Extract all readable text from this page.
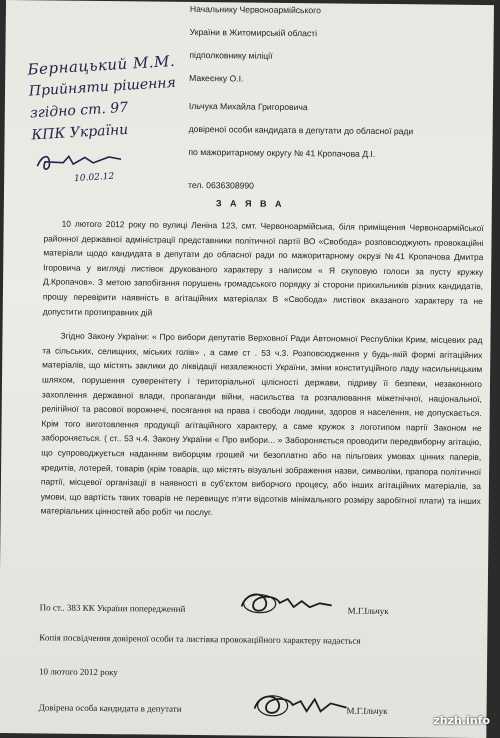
Начальнику Червоноармійського
України в Житомирській області
підполковнику міліції
Макеєнку О.І.
Ільчука Михайла Григоровича
довіреної особи кандидата в депутати до обласної ради
по мажоритарному округу № 41 Кропачова Д.І.
тел. 0636308990
Бернацький М.М.
Прийняти рішення
згідно ст. 97
КПК України
10.02.12
З А Я В А

10 лютого 2012 року по вулиці Леніна 123, смт. Червоноармійська, біля приміщення Червоноармійської районної державної адміністрації представники політичної партії ВО «Свобода» розповсюджують провокаційні матеріали щодо кандидата в депутати до обласної ради по мажоритарному окрузі №41 Кропачова Дмитра Ігоровича у вигляді листівок друкованого характеру з написом « Я скуповую голоси за пусту кружку Д.Кропачов». З метою запобігання порушень громадського порядку зі сторони прихильників різних кандидатів, прошу перевірити наявність в агітаційних матеріалах В «Свобода» листівок вказаного характеру та не допустити протиправних дій

Згідно Закону України: « Про вибори депутатів Верховної Ради Автономної Республіки Крим, місцевих рад та сільських, селищних, міських голів» , а саме ст . 53 ч.3. Розповсюдження у будь-якій формі агітаційних матеріалів, що містять заклики до ліквідації незалежності України, зміни конституційного ладу насильницьким шляхом, порушення суверенітету і територіальної цілісності держави, підриву її безпеки, незаконного захоплення державної влади, пропаганди війни, насильства та розпалювання міжетнічної, національної, релігійної та расової ворожнечі, посягання на права і свободи людини, здоров я населення, не допускається. Крім того виготовлення продукції агітаційного характеру, а саме кружок з логотипом партії Законом не забороняється. ( ст.. 53 ч.4. Закону України « Про вибори... » Забороняється проводити передвиборну агітацію, що супроводжується наданням виборцям грошей чи безоплатно або на пільгових умовах цінних паперів, кредитів, лотерей, товарів (крім товарів, що містять візуальні зображення назви, символіки, прапора політичної партії, місцевої організації в наявності в суб'єктом виборчого процесу, або інших агітаційних матеріалів, за умови, що вартість таких товарів не перевищує п'яти відсотків мінімального розміру заробітної плати) та інших матеріальних цінностей або робіт чи послуг.

По ст.. 383 КК України попереджений	М.Г.Ільчук
Копія посвідчення довіреної особи та листівка провокаційного характеру надається
10 лютого 2012 року
Довірена особа кандидата в депутати	М.Г.Ільчук
zhzh.info
